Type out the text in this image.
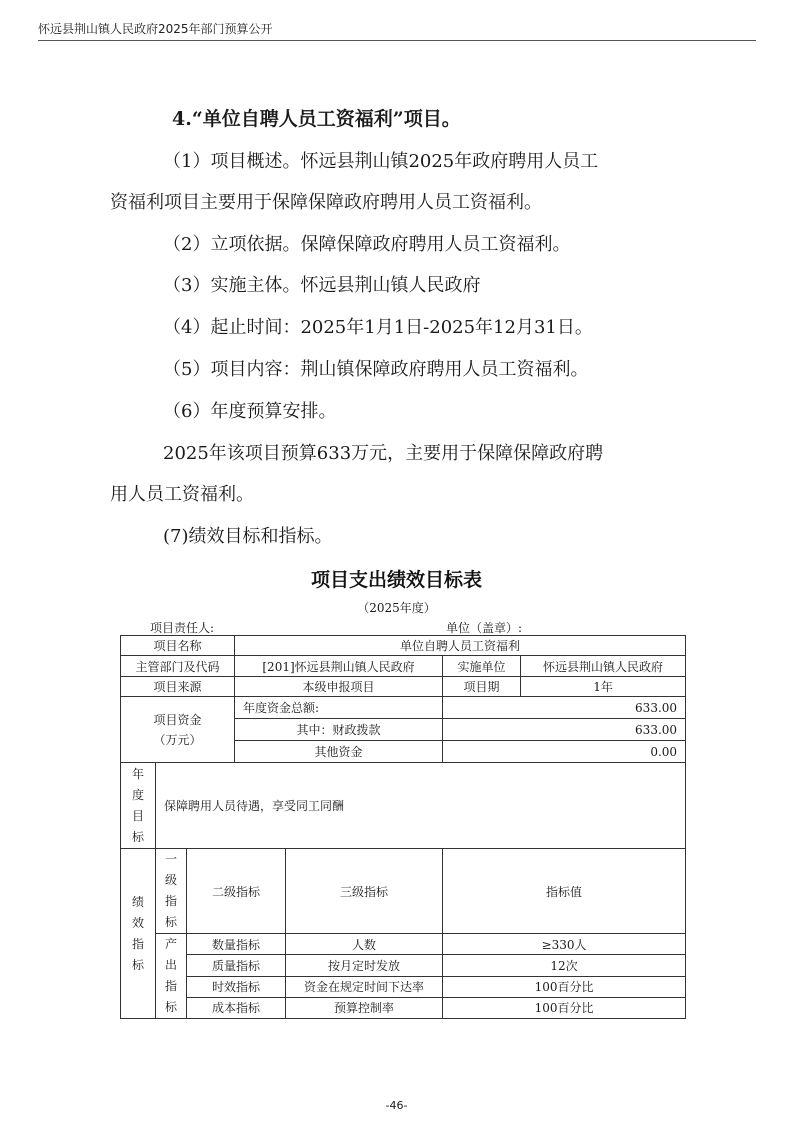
怀远县荆山镇人民政府2025年部门预算公开
4.“单位自聘人员工资福利”项目。
（1）项目概述。怀远县荆山镇2025年政府聘用人员工
资福利项目主要用于保障保障政府聘用人员工资福利。
（2）立项依据。保障保障政府聘用人员工资福利。
（3）实施主体。怀远县荆山镇人民政府
（4）起止时间：2025年1月1日-2025年12月31日。
（5）项目内容：荆山镇保障政府聘用人员工资福利。
（6）年度预算安排。
2025年该项目预算633万元，主要用于保障保障政府聘
用人员工资福利。
(7)绩效目标和指标。
项目支出绩效目标表
（2025年度）
项目责任人:	单位（盖章）:
项目名称			单位自聘人员工资福利			
主管部门及代码			[201]怀远县荆山镇人民政府		实施单位	怀远县荆山镇人民政府
项目来源			本级申报项目		项目期	1年

项目资金
（万元）			年度资金总额:		633.00	
			其中：财政拨款		633.00	
			其他资金		0.00	

年
度
目
标	保障聘用人员待遇，享受同工同酬					

绩
效
指
标	一
级
指
标	二级指标		三级指标	指标值	

	产
出
指
标	数量指标		人数	≥330人	
		质量指标		按月定时发放	12次	
		时效指标		资金在规定时间下达率	100百分比	
		成本指标		预算控制率	100百分比	
-46-
